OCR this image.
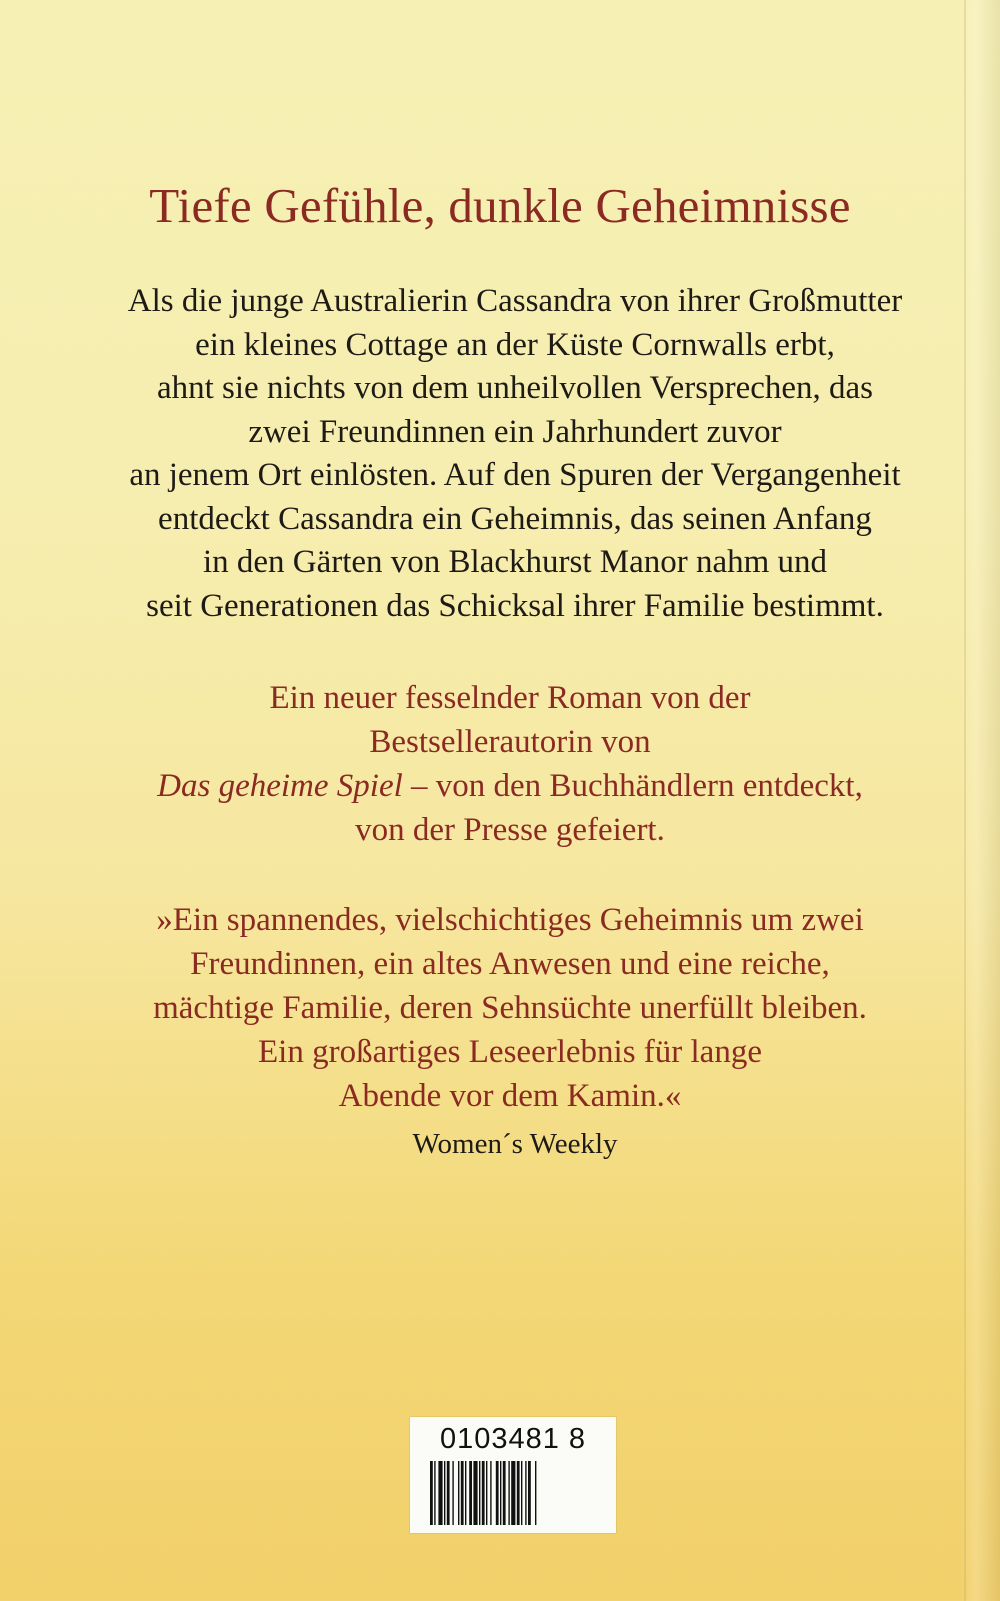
Tiefe Gefühle, dunkle Geheimnisse
Als die junge Australierin Cassandra von ihrer Großmutter
ein kleines Cottage an der Küste Cornwalls erbt,
ahnt sie nichts von dem unheilvollen Versprechen, das
zwei Freundinnen ein Jahrhundert zuvor
an jenem Ort einlösten. Auf den Spuren der Vergangenheit
entdeckt Cassandra ein Geheimnis, das seinen Anfang
in den Gärten von Blackhurst Manor nahm und
seit Generationen das Schicksal ihrer Familie bestimmt.
Ein neuer fesselnder Roman von der
Bestsellerautorin von
Das geheime Spiel – von den Buchhändlern entdeckt,
von der Presse gefeiert.
»Ein spannendes, vielschichtiges Geheimnis um zwei
Freundinnen, ein altes Anwesen und eine reiche,
mächtige Familie, deren Sehnsüchte unerfüllt bleiben.
Ein großartiges Leseerlebnis für lange
Abende vor dem Kamin.«
Women´s Weekly
0103481 8
